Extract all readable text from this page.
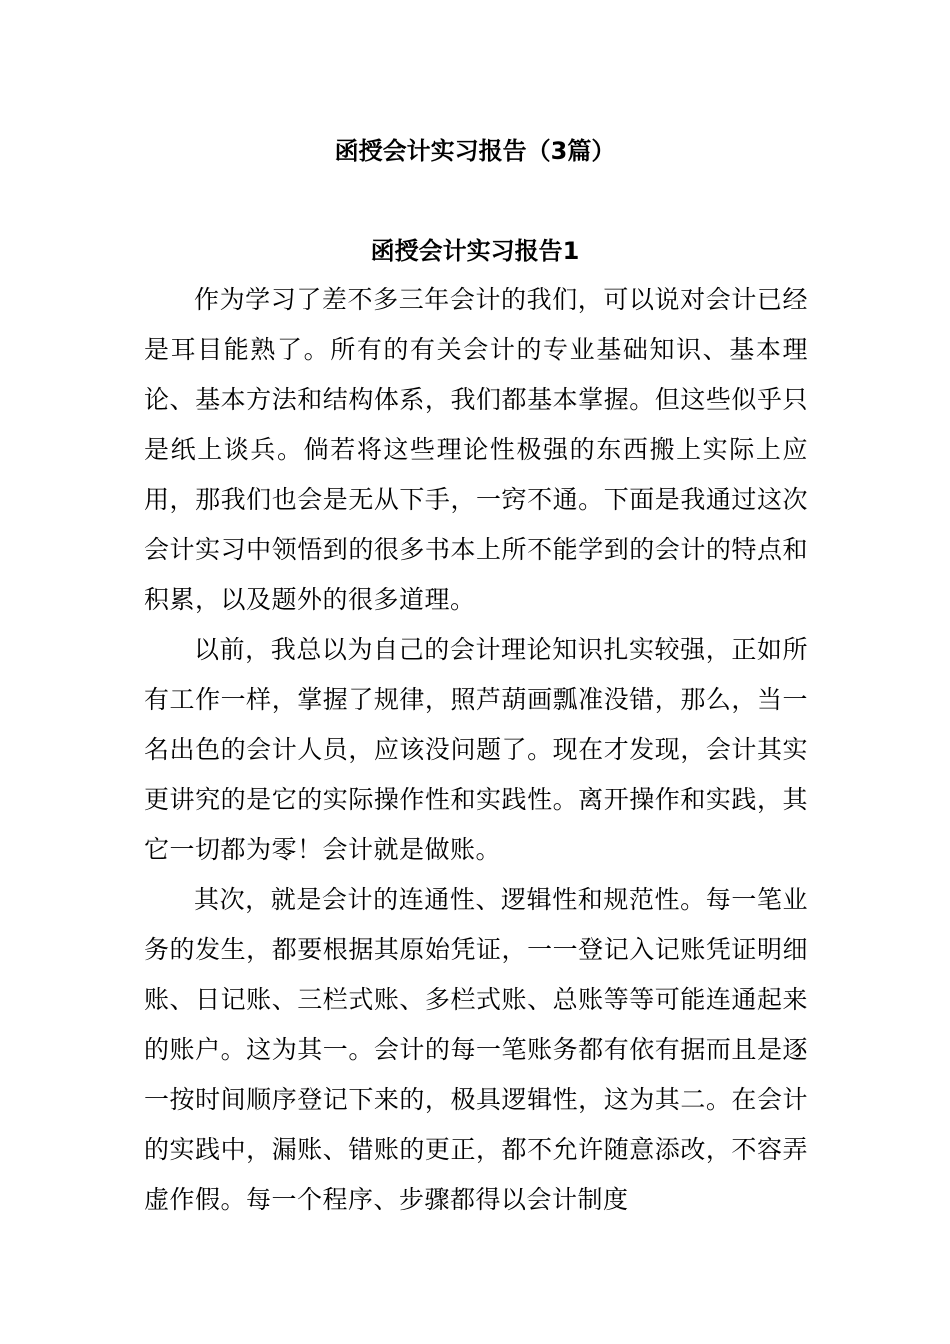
函授会计实习报告（3篇）
函授会计实习报告1

作为学习了差不多三年会计的我们，可以说对会计已经是耳目能熟了。所有的有关会计的专业基础知识、基本理论、基本方法和结构体系，我们都基本掌握。但这些似乎只是纸上谈兵。倘若将这些理论性极强的东西搬上实际上应用，那我们也会是无从下手，一窍不通。下面是我通过这次会计实习中领悟到的很多书本上所不能学到的会计的特点和积累，以及题外的很多道理。

以前，我总以为自己的会计理论知识扎实较强，正如所有工作一样，掌握了规律，照芦葫画瓢准没错，那么，当一名出色的会计人员，应该没问题了。现在才发现，会计其实更讲究的是它的实际操作性和实践性。离开操作和实践，其它一切都为零！会计就是做账。

其次，就是会计的连通性、逻辑性和规范性。每一笔业务的发生，都要根据其原始凭证，一一登记入记账凭证明细账、日记账、三栏式账、多栏式账、总账等等可能连通起来的账户。这为其一。会计的每一笔账务都有依有据而且是逐一按时间顺序登记下来的，极具逻辑性，这为其二。在会计的实践中，漏账、错账的更正，都不允许随意添改，不容弄虚作假。每一个程序、步骤都得以会计制度
